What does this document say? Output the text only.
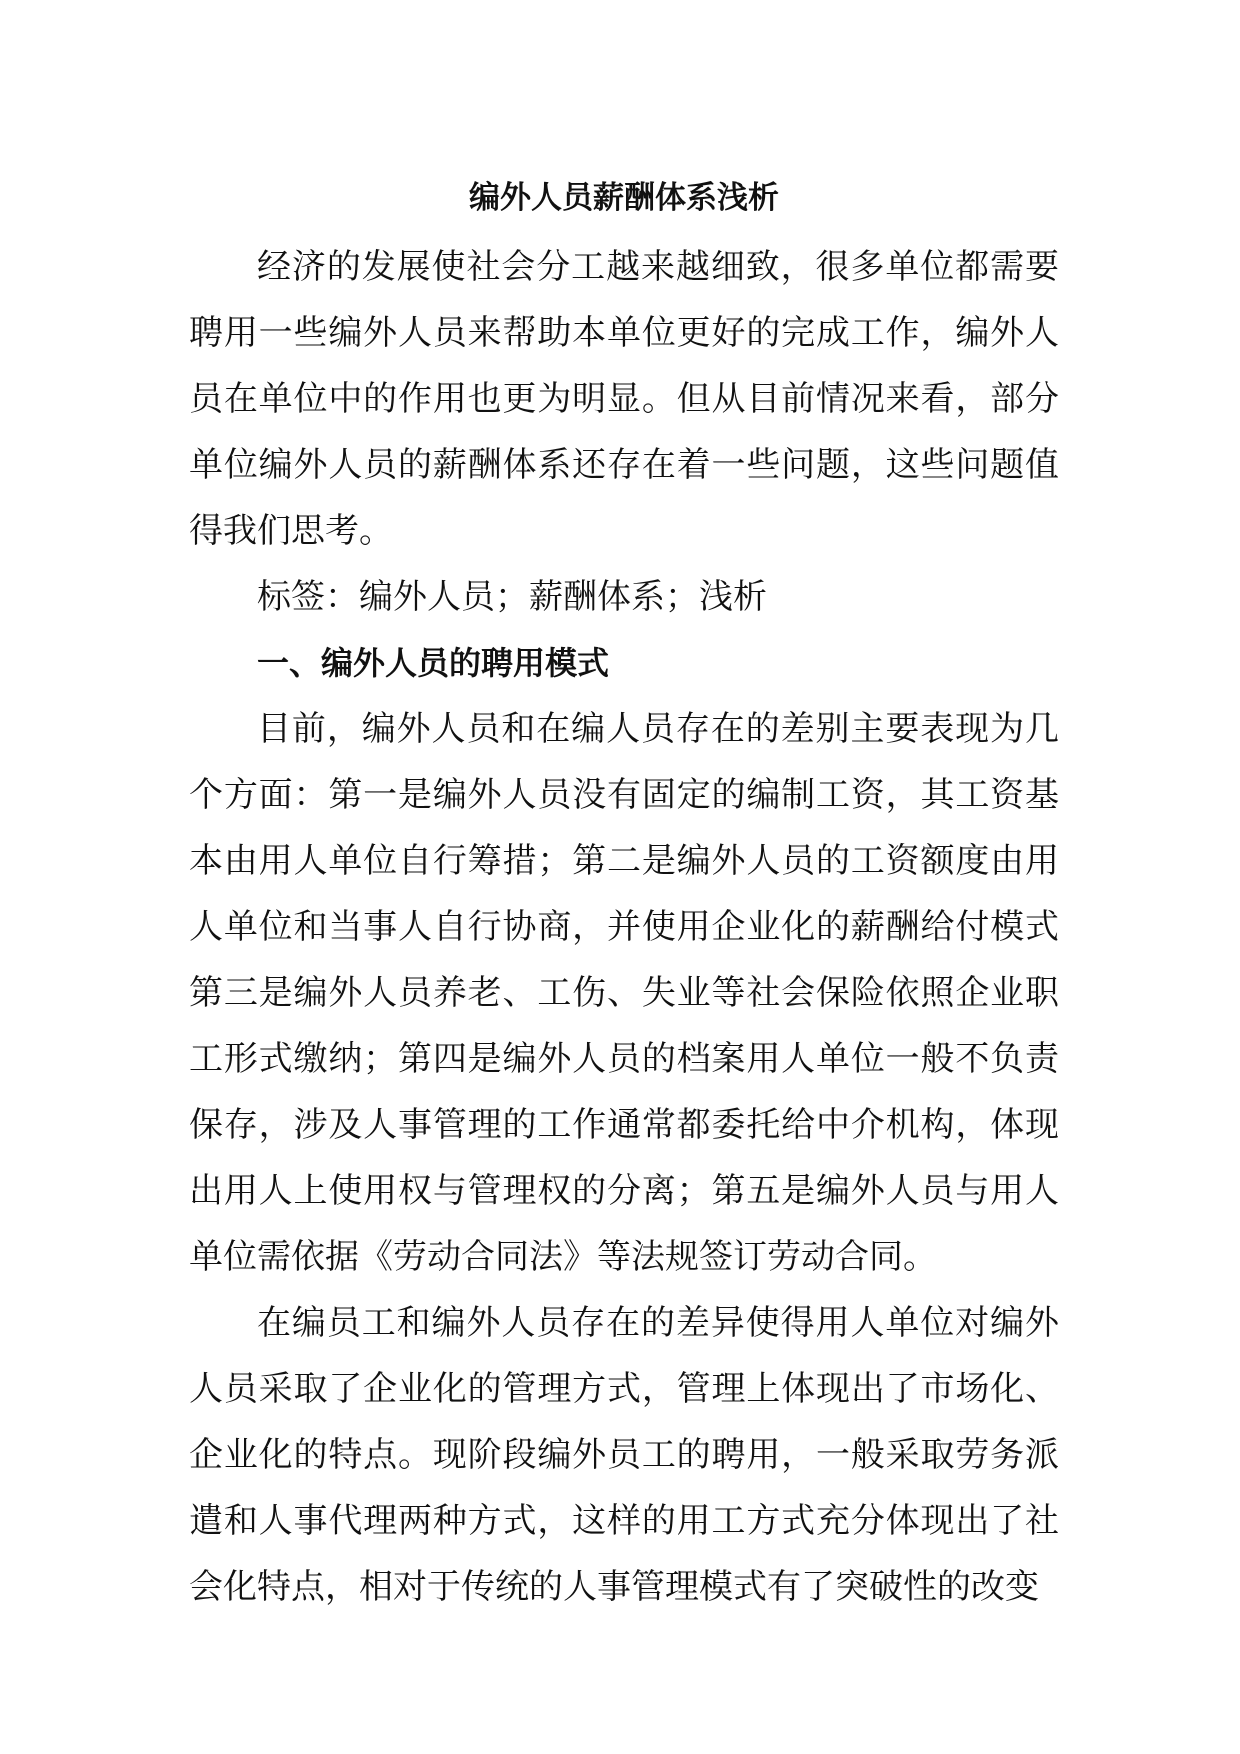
编外人员薪酬体系浅析

经济的发展使社会分工越来越细致，很多单位都需要聘用一些编外人员来帮助本单位更好的完成工作，编外人员在单位中的作用也更为明显。但从目前情况来看，部分单位编外人员的薪酬体系还存在着一些问题，这些问题值得我们思考。

标签：编外人员；薪酬体系；浅析

一、编外人员的聘用模式

目前，编外人员和在编人员存在的差别主要表现为几个方面：第一是编外人员没有固定的编制工资，其工资基本由用人单位自行筹措；第二是编外人员的工资额度由用人单位和当事人自行协商，并使用企业化的薪酬给付模式第三是编外人员养老、工伤、失业等社会保险依照企业职工形式缴纳；第四是编外人员的档案用人单位一般不负责保存，涉及人事管理的工作通常都委托给中介机构，体现出用人上使用权与管理权的分离；第五是编外人员与用人单位需依据《劳动合同法》等法规签订劳动合同。

在编员工和编外人员存在的差异使得用人单位对编外人员采取了企业化的管理方式，管理上体现出了市场化、企业化的特点。现阶段编外员工的聘用，一般采取劳务派遣和人事代理两种方式，这样的用工方式充分体现出了社会化特点，相对于传统的人事管理模式有了突破性的改变
